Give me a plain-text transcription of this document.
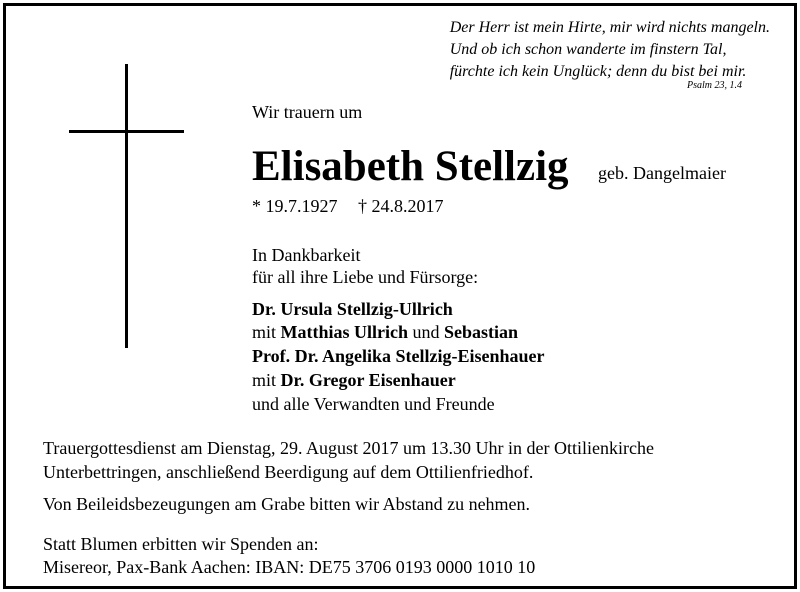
Der Herr ist mein Hirte, mir wird nichts mangeln.
Und ob ich schon wanderte im finstern Tal,
fürchte ich kein Unglück; denn du bist bei mir.
Psalm 23, 1.4
Wir trauern um
Elisabeth Stellzig geb. Dangelmaier
* 19.7.1927 † 24.8.2017
In Dankbarkeit
für all ihre Liebe und Fürsorge:
Dr. Ursula Stellzig-Ullrich
mit Matthias Ullrich und Sebastian
Prof. Dr. Angelika Stellzig-Eisenhauer
mit Dr. Gregor Eisenhauer
und alle Verwandten und Freunde
Trauergottesdienst am Dienstag, 29. August 2017 um 13.30 Uhr in der Ottilienkirche
Unterbettringen, anschließend Beerdigung auf dem Ottilienfriedhof.
Von Beileidsbezeugungen am Grabe bitten wir Abstand zu nehmen.
Statt Blumen erbitten wir Spenden an:
Misereor, Pax-Bank Aachen: IBAN: DE75 3706 0193 0000 1010 10
